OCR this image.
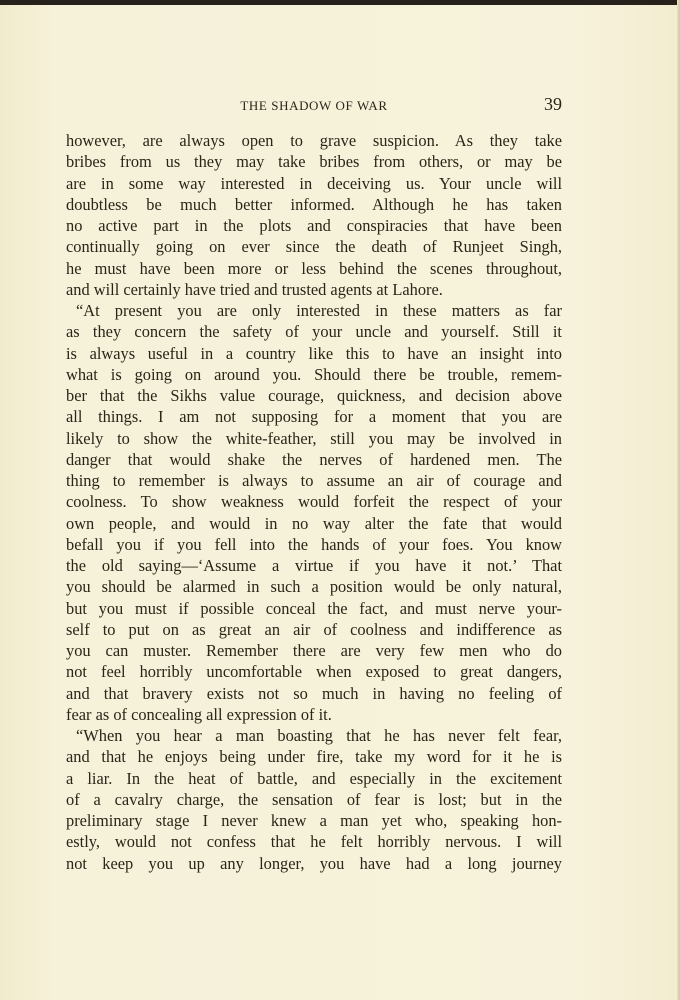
THE SHADOW OF WAR	39
however, are always open to grave suspicion. As they take
bribes from us they may take bribes from others, or may be
are in some way interested in deceiving us. Your uncle will
doubtless be much better informed. Although he has taken
no active part in the plots and conspiracies that have been
continually going on ever since the death of Runjeet Singh,
he must have been more or less behind the scenes throughout,
and will certainly have tried and trusted agents at Lahore.
“At present you are only interested in these matters as far
as they concern the safety of your uncle and yourself. Still it
is always useful in a country like this to have an insight into
what is going on around you. Should there be trouble, remem-
ber that the Sikhs value courage, quickness, and decision above
all things. I am not supposing for a moment that you are
likely to show the white-feather, still you may be involved in
danger that would shake the nerves of hardened men. The
thing to remember is always to assume an air of courage and
coolness. To show weakness would forfeit the respect of your
own people, and would in no way alter the fate that would
befall you if you fell into the hands of your foes. You know
the old saying—‘Assume a virtue if you have it not.’ That
you should be alarmed in such a position would be only natural,
but you must if possible conceal the fact, and must nerve your-
self to put on as great an air of coolness and indifference as
you can muster. Remember there are very few men who do
not feel horribly uncomfortable when exposed to great dangers,
and that bravery exists not so much in having no feeling of
fear as of concealing all expression of it.
“When you hear a man boasting that he has never felt fear,
and that he enjoys being under fire, take my word for it he is
a liar. In the heat of battle, and especially in the excitement
of a cavalry charge, the sensation of fear is lost; but in the
preliminary stage I never knew a man yet who, speaking hon-
estly, would not confess that he felt horribly nervous. I will
not keep you up any longer, you have had a long journey
